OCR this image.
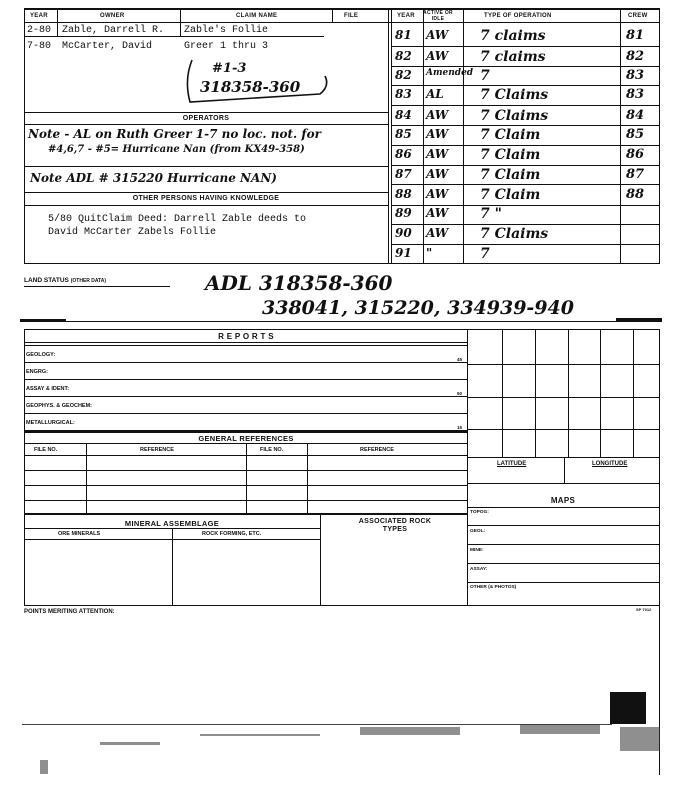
YEAR	OWNER	CLAIM NAME	FILE	YEAR	ACTIVE OR IDLE	TYPE OF OPERATION	CREW
2-80 Zable, Darrell R. Zable's Follie
7-80 McCarter, David	Greer 1 thru 3
#1-3
318358-360
OPERATORS
Note - AL on Ruth Greer 1-7 no loc. not. for
#4,6,7 - #5= Hurricane Nan (from KX49-358)
Note ADL # 315220 Hurricane NAN)
OTHER PERSONS HAVING KNOWLEDGE
5/80 QuitClaim Deed: Darrell Zable deeds to
David McCarter Zabels Follie
81 AW 7 claims	81
82 AW 7 claims	82
82 Amended 7	83
83 AL	7 Claims	83
84 AW 7 Claims	84
85 AW 7 Claim	85
86 AW 7 Claim	86
87 AW 7 Claim	87
88 AW 7 Claim	88
89 AW 7 "
90 AW 7 Claims
91 "	7
LAND STATUS (OTHER DATA)	ADL 318358-360
338041, 315220, 334939-940
R E P O R T S
GEOLOGY:
45
ENGRG:
ASSAY & IDENT:
50
GEOPHYS. & GEOCHEM:
METALLURGICAL:
15
GENERAL REFERENCES
FILE NO.	REFERENCE	FILE NO.	REFERENCE
MINERAL ASSEMBLAGE
ORE MINERALS	ROCK FORMING, ETC.
ASSOCIATED ROCK TYPES
LATITUDE	LONGITUDE
MAPS
TOPOG:
GEOL:
MINE:
ASSAY:
OTHER (& PHOTOS)
POINTS MERITING ATTENTION:	SP 7012
